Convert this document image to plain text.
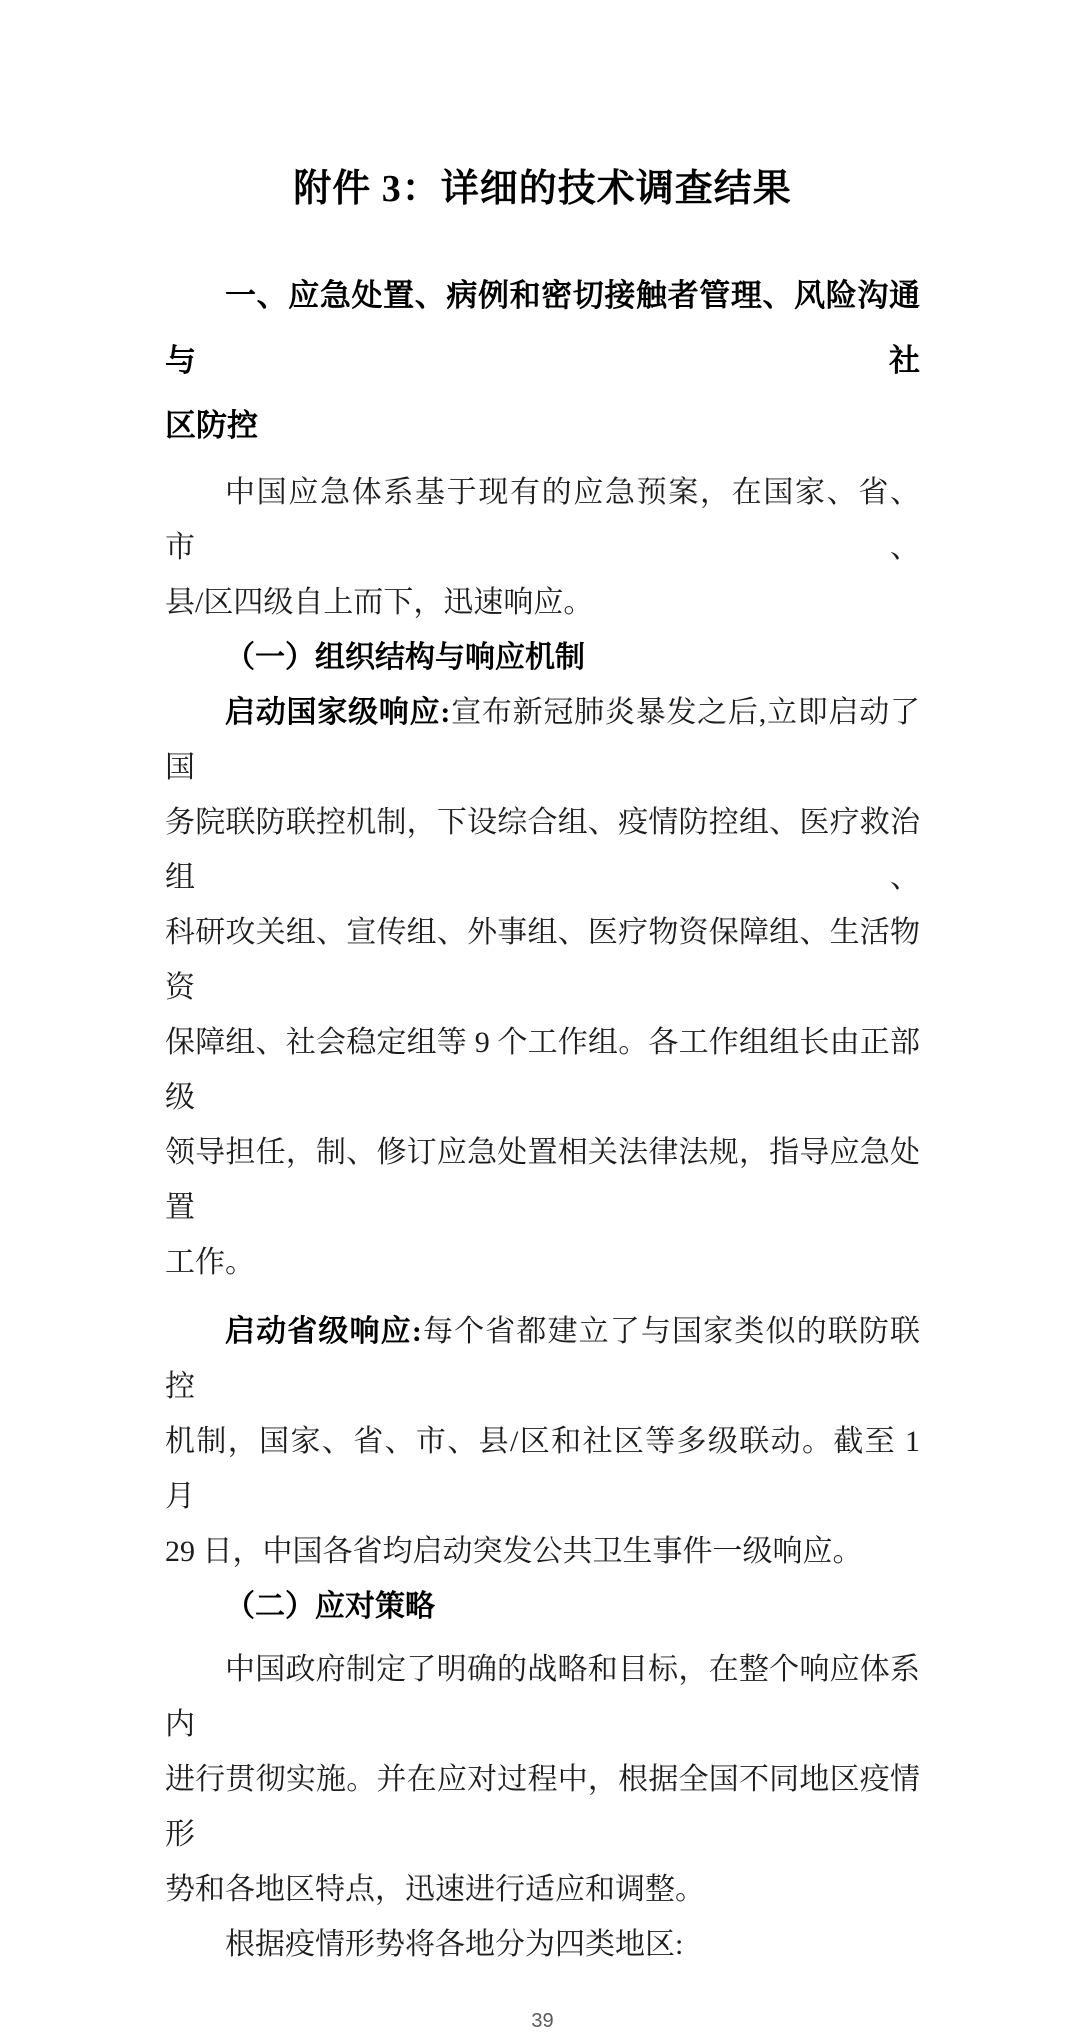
附件 3：详细的技术调查结果
一、应急处置、病例和密切接触者管理、风险沟通与社
区防控
中国应急体系基于现有的应急预案，在国家、省、市、
县/区四级自上而下，迅速响应。
（一）组织结构与响应机制
启动国家级响应:宣布新冠肺炎暴发之后,立即启动了国
务院联防联控机制，下设综合组、疫情防控组、医疗救治组、
科研攻关组、宣传组、外事组、医疗物资保障组、生活物资
保障组、社会稳定组等 9 个工作组。各工作组组长由正部级
领导担任，制、修订应急处置相关法律法规，指导应急处置
工作。
启动省级响应:每个省都建立了与国家类似的联防联控
机制，国家、省、市、县/区和社区等多级联动。截至 1 月
29 日，中国各省均启动突发公共卫生事件一级响应。
（二）应对策略
中国政府制定了明确的战略和目标，在整个响应体系内
进行贯彻实施。并在应对过程中，根据全国不同地区疫情形
势和各地区特点，迅速进行适应和调整。
根据疫情形势将各地分为四类地区:
39
